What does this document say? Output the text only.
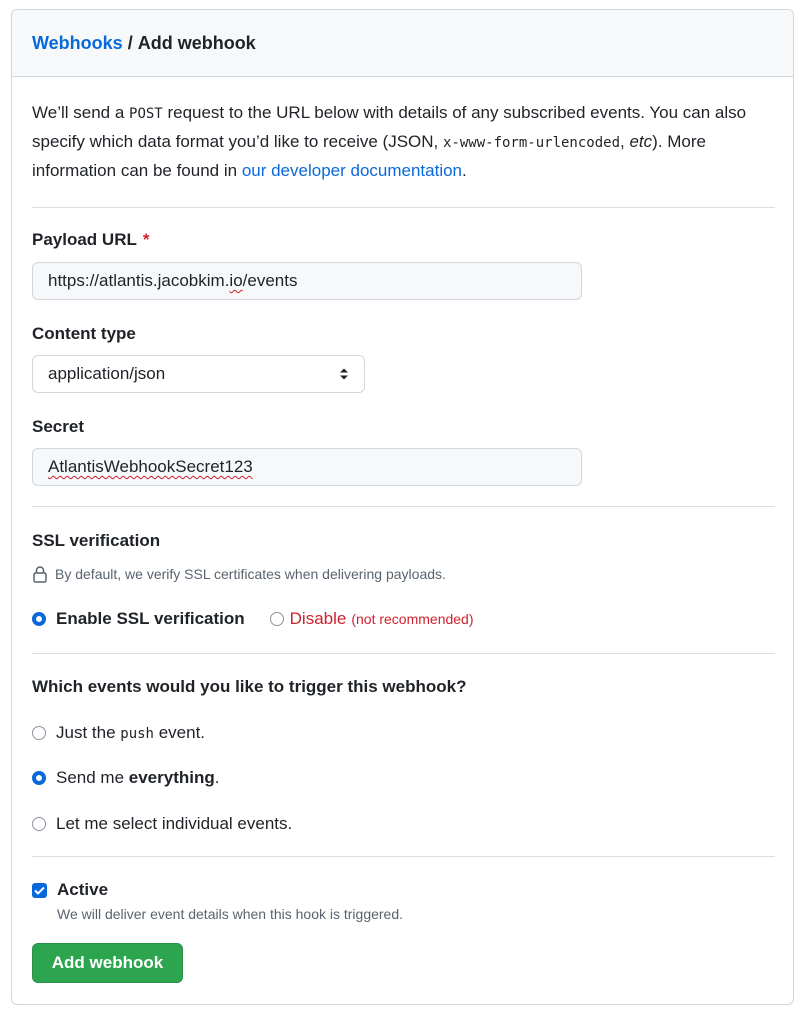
Webhooks / Add webhook
We’ll send a POST request to the URL below with details of any subscribed events. You can also specify which data format you’d like to receive (JSON, x-www-form-urlencoded, etc). More information can be found in our developer documentation.
Payload URL *
https://atlantis.jacobkim. io /events
Content type
application/json
Secret
AtlantisWebhookSecret123
SSL verification
By default, we verify SSL certificates when delivering payloads.
Enable SSL verification	Disable (not recommended)
Which events would you like to trigger this webhook?
Just the push event.
Send me everything.
Let me select individual events.
Active
We will deliver event details when this hook is triggered.
Add webhook
